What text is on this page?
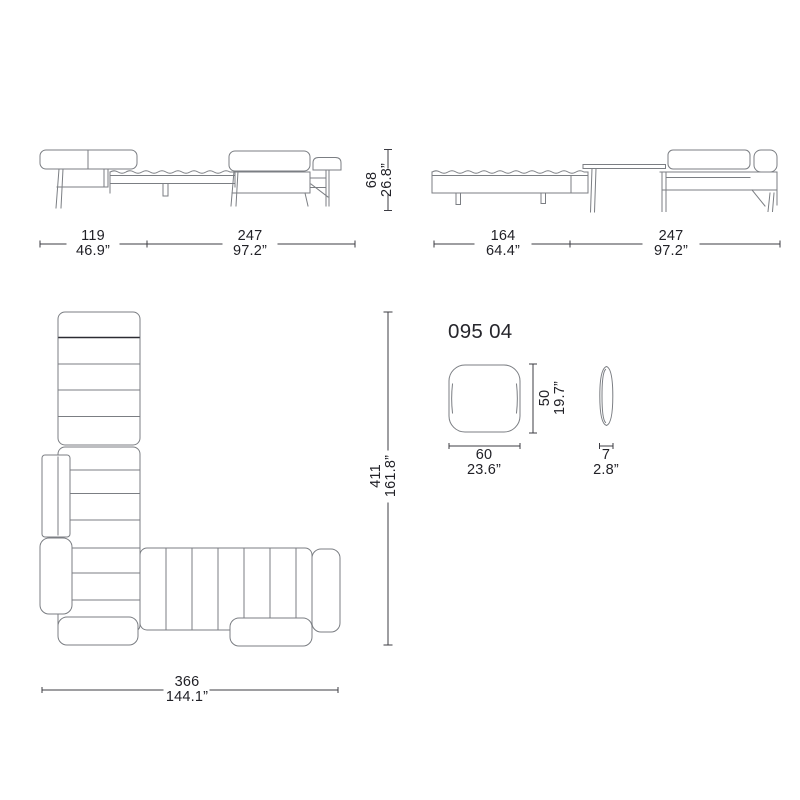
119
46.9”
247
97.2”
68 26.8”
164
64.4”
247
97.2”
411 161.8”
366
144.1”
095 04
60
23.6”
50 19.7”
7
2.8”
